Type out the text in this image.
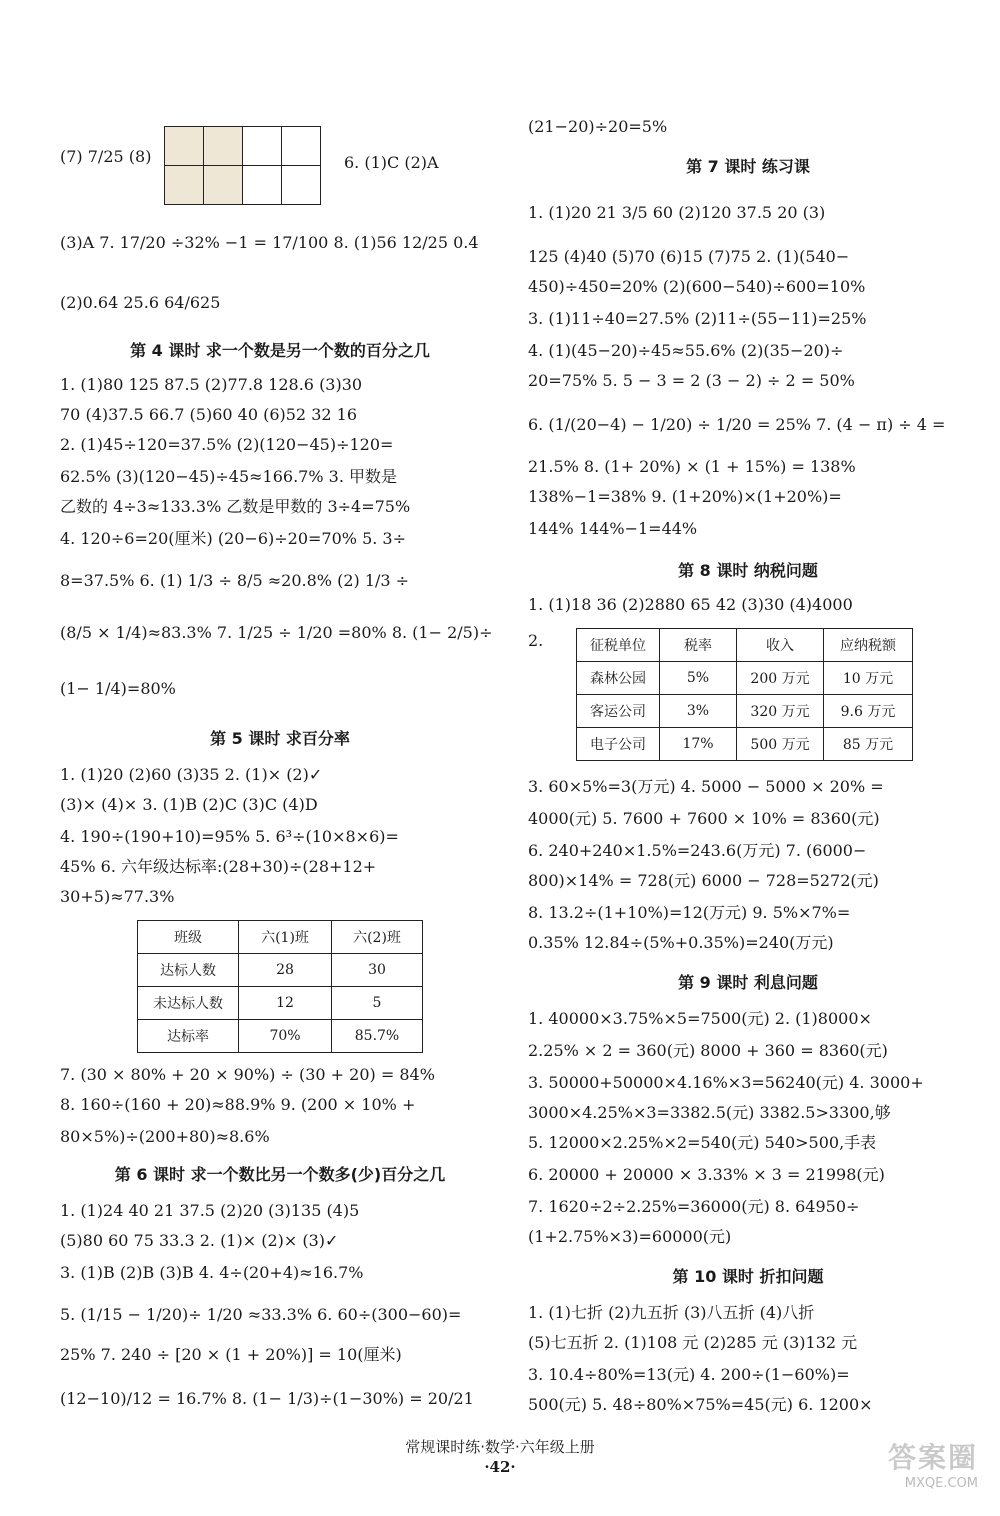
(7) 7/25 (8)

				6. (1)C (2)A
(3)A 7. 17/20 ÷32% −1 = 17/100 8. (1)56 12/25 0.4
(2)0.64 25.6 64/625
第 4 课时 求一个数是另一个数的百分之几
1. (1)80 125 87.5 (2)77.8 128.6 (3)30
70 (4)37.5 66.7 (5)60 40 (6)52 32 16
2. (1)45÷120=37.5% (2)(120−45)÷120=
62.5% (3)(120−45)÷45≈166.7% 3. 甲数是
乙数的 4÷3≈133.3% 乙数是甲数的 3÷4=75%
4. 120÷6=20(厘米) (20−6)÷20=70% 5. 3÷
8=37.5% 6. (1) 1/3 ÷ 8/5 ≈20.8% (2) 1/3 ÷
(8/5 × 1/4)≈83.3% 7. 1/25 ÷ 1/20 =80% 8. (1− 2/5)÷
(1− 1/4)=80%
第 5 课时 求百分率
1. (1)20 (2)60 (3)35 2. (1)× (2)✓
(3)× (4)× 3. (1)B (2)C (3)C (4)D
4. 190÷(190+10)=95% 5. 6³÷(10×8×6)=
45% 6. 六年级达标率:(28+30)÷(28+12+
30+5)≈77.3%
班级	六(1)班	六(2)班
达标人数	28	30
未达标人数	12	5
达标率	70%	85.7%
7. (30 × 80% + 20 × 90%) ÷ (30 + 20) = 84%
8. 160÷(160 + 20)≈88.9% 9. (200 × 10% +
80×5%)÷(200+80)≈8.6%
第 6 课时 求一个数比另一个数多(少)百分之几
1. (1)24 40 21 37.5 (2)20 (3)135 (4)5
(5)80 60 75 33.3 2. (1)× (2)× (3)✓
3. (1)B (2)B (3)B 4. 4÷(20+4)≈16.7%
5. (1/15 − 1/20)÷ 1/20 ≈33.3% 6. 60÷(300−60)=
25% 7. 240 ÷ [20 × (1 + 20%)] = 10(厘米)
(12−10)/12 = 16.7% 8. (1− 1/3)÷(1−30%) = 20/21
(21−20)÷20=5%
第 7 课时 练习课
1. (1)20 21 3/5 60 (2)120 37.5 20 (3)
125 (4)40 (5)70 (6)15 (7)75 2. (1)(540−
450)÷450=20% (2)(600−540)÷600=10%
3. (1)11÷40=27.5% (2)11÷(55−11)=25%
4. (1)(45−20)÷45≈55.6% (2)(35−20)÷
20=75% 5. 5 − 3 = 2 (3 − 2) ÷ 2 = 50%
6. (1/(20−4) − 1/20) ÷ 1/20 = 25% 7. (4 − π) ÷ 4 =
21.5% 8. (1+ 20%) × (1 + 15%) = 138%
138%−1=38% 9. (1+20%)×(1+20%)=
144% 144%−1=44%
第 8 课时 纳税问题
1. (1)18 36 (2)2880 65 42 (3)30 (4)4000
2.	征税单位	税率	收入	应纳税额
森林公园	5%	200 万元	10 万元
客运公司	3%	320 万元	9.6 万元
电子公司	17%	500 万元	85 万元
3. 60×5%=3(万元) 4. 5000 − 5000 × 20% =
4000(元) 5. 7600 + 7600 × 10% = 8360(元)
6. 240+240×1.5%=243.6(万元) 7. (6000−
800)×14% = 728(元) 6000 − 728=5272(元)
8. 13.2÷(1+10%)=12(万元) 9. 5%×7%=
0.35% 12.84÷(5%+0.35%)=240(万元)
第 9 课时 利息问题
1. 40000×3.75%×5=7500(元) 2. (1)8000×
2.25% × 2 = 360(元) 8000 + 360 = 8360(元)
3. 50000+50000×4.16%×3=56240(元) 4. 3000+
3000×4.25%×3=3382.5(元) 3382.5>3300,够
5. 12000×2.25%×2=540(元) 540>500,手表
6. 20000 + 20000 × 3.33% × 3 = 21998(元)
7. 1620÷2÷2.25%=36000(元) 8. 64950÷
(1+2.75%×3)=60000(元)
第 10 课时 折扣问题
1. (1)七折 (2)九五折 (3)八五折 (4)八折
(5)七五折 2. (1)108 元 (2)285 元 (3)132 元
3. 10.4÷80%=13(元) 4. 200÷(1−60%)=
500(元) 5. 48÷80%×75%=45(元) 6. 1200×
常规课时练·数学·六年级上册
·42·	答案圈
MXQE.COM
